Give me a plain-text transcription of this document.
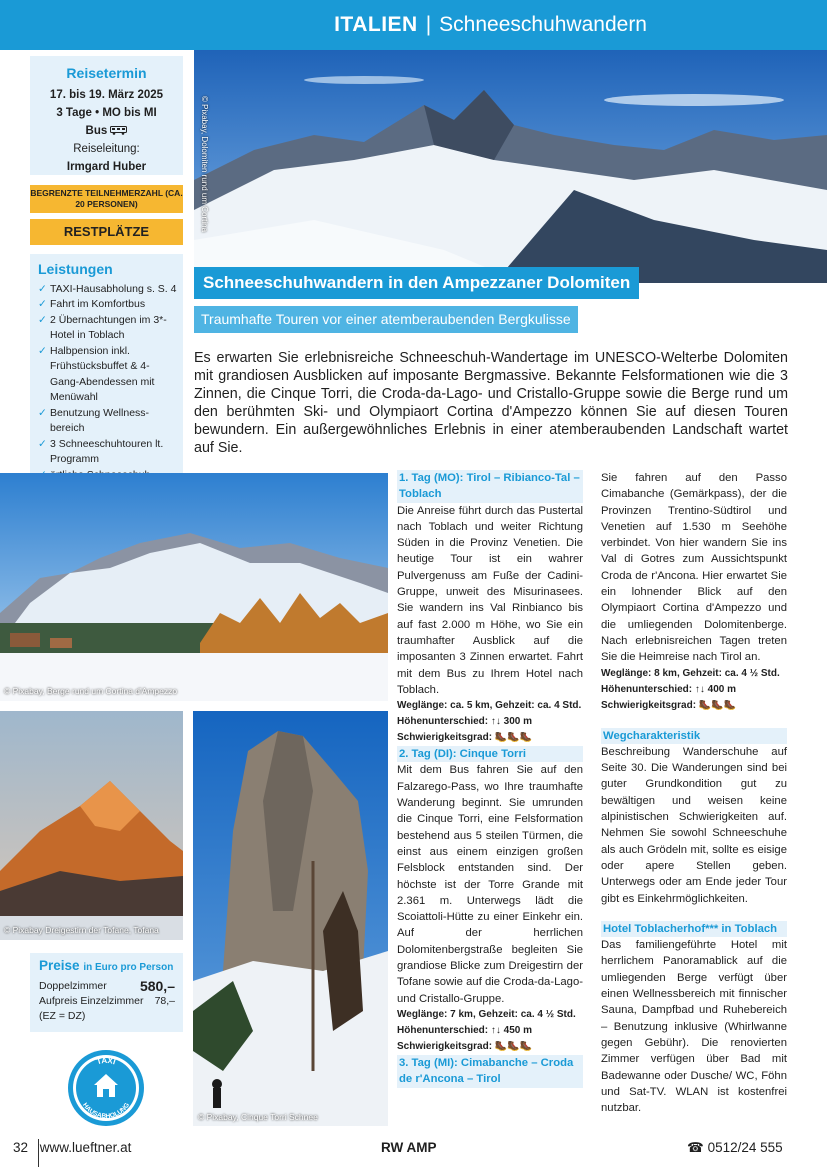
ITALIEN | Schneeschuhwandern
Reisetermin
17. bis 19. März 2025
3 Tage • MO bis MI
Bus
Reiseleitung:
Irmgard Huber
BEGRENZTE TEILNEHMERZAHL (CA. 20 PERSONEN)
RESTPLÄTZE
Leistungen
✓ TAXI-Hausabholung s. S. 4
✓ Fahrt im Komfortbus
✓ 2 Übernachtungen im 3*-Hotel in Toblach
✓ Halbpension inkl. Frühstücksbuffet & 4-Gang-Abendessen mit Menüwahl
✓ Benutzung Wellnessbereich
✓ 3 Schneeschuhtouren lt. Programm
✓
© Pixabay, Dolomiten rund um Cortina
Schneeschuhwandern in den Ampezzaner Dolomiten
Traumhafte Touren vor einer atemberaubenden Bergkulisse

Es erwarten Sie erlebnisreiche Schneeschuh-Wandertage im UNESCO-Welterbe Dolomiten mit grandiosen Ausblicken auf imposante Bergmassive. Bekannte Felsformationen wie die 3 Zinnen, die Cinque Torri, die Croda-da-Lago- und Cristallo-Gruppe sowie die Berge rund um den berühmten Ski- und Olympiaort Cortina d'Ampezzo können Sie auf diesen Touren bewundern. Ein außergewöhnliches Erlebnis in einer atemberaubenden Landschaft wartet auf Sie.

© Pixabay, Berge rund um Cortina d'Ampezzo
© Pixabay Dreigestirn der Tofane, Tofana
© Pixabay, Cinque Torri Schnee
1. Tag (MO): Tirol – Ribianco-Tal – Toblach

Die Anreise führt durch das Pustertal nach Toblach und weiter Richtung Süden in die Provinz Venetien. Die heutige Tour ist ein wahrer Pulvergenuss am Fuße der Cadini-Gruppe, unweit des Misurinasees. Sie wandern ins Val Rinbianco bis auf fast 2.000 m Höhe, wo Sie ein traumhafter Ausblick auf die imposanten 3 Zinnen erwartet. Fahrt mit dem Bus zu Ihrem Hotel nach Toblach.

Weglänge: ca. 5 km, Gehzeit: ca. 4 Std.
Höhenunterschied: ↑↓ 300 m
Schwierigkeitsgrad: 🥾🥾🥾
2. Tag (DI): Cinque Torri

Mit dem Bus fahren Sie auf den Falzarego-Pass, wo Ihre traumhafte Wanderung beginnt. Sie umrunden die Cinque Torri, eine Felsformation bestehend aus 5 steilen Türmen, die einst aus einem einzigen großen Felsblock entstanden sind. Der höchste ist der Torre Grande mit 2.361 m. Unterwegs lädt die Scoiattoli-Hütte zu einer Einkehr ein. Auf der herrlichen Dolomitenbergstraße begleiten Sie grandiose Blicke zum Dreigestirn der Tofane sowie auf die Croda-da-Lago- und Cristallo-Gruppe.

Weglänge: 7 km, Gehzeit: ca. 4 ½ Std.
Höhenunterschied: ↑↓ 450 m
Schwierigkeitsgrad: 🥾🥾🥾
3. Tag (MI): Cimabanche – Croda de r'Ancona – Tirol

Sie fahren auf den Passo Cimabanche (Gemärkpass), der die Provinzen Trentino-Südtirol und Venetien auf 1.530 m Seehöhe verbindet. Von hier wandern Sie ins Val di Gotres zum Aussichtspunkt Croda de r'Ancona. Hier erwartet Sie ein lohnender Blick auf den Olympiaort Cortina d'Ampezzo und die umliegenden Dolomitenberge. Nach erlebnisreichen Tagen treten Sie die Heimreise nach Tirol an.

Weglänge: 8 km, Gehzeit: ca. 4 ½ Std.
Höhenunterschied: ↑↓ 400 m
Schwierigkeitsgrad: 🥾🥾🥾
Wegcharakteristik

Beschreibung Wanderschuhe auf Seite 30. Die Wanderungen sind bei guter Grundkondition gut zu bewältigen und weisen keine alpinistischen Schwierigkeiten auf. Nehmen Sie sowohl Schneeschuhe als auch Grödeln mit, sollte es eisige oder apere Stellen geben. Unterwegs oder am Ende jeder Tour gibt es Einkehrmöglichkeiten.

Hotel Toblacherhof*** in Toblach

Das familiengeführte Hotel mit herrlichem Panoramablick auf die umliegenden Berge verfügt über einen Wellnessbereich mit finnischer Sauna, Dampfbad und Ruhebereich – Benutzung inklusive (Whirlwanne gegen Gebühr). Die renovierten Zimmer verfügen über Bad mit Badewanne oder Dusche/ WC, Föhn und Sat-TV. WLAN ist kostenfrei nutzbar.

Preise in Euro pro Person
Doppelzimmer 580,–
Aufpreis Einzelzimmer 78,–
(EZ = DZ)
TAXI
HAUSABHOLUNG
32 www.lueftner.at	RW AMP	☎ 0512/24 555
